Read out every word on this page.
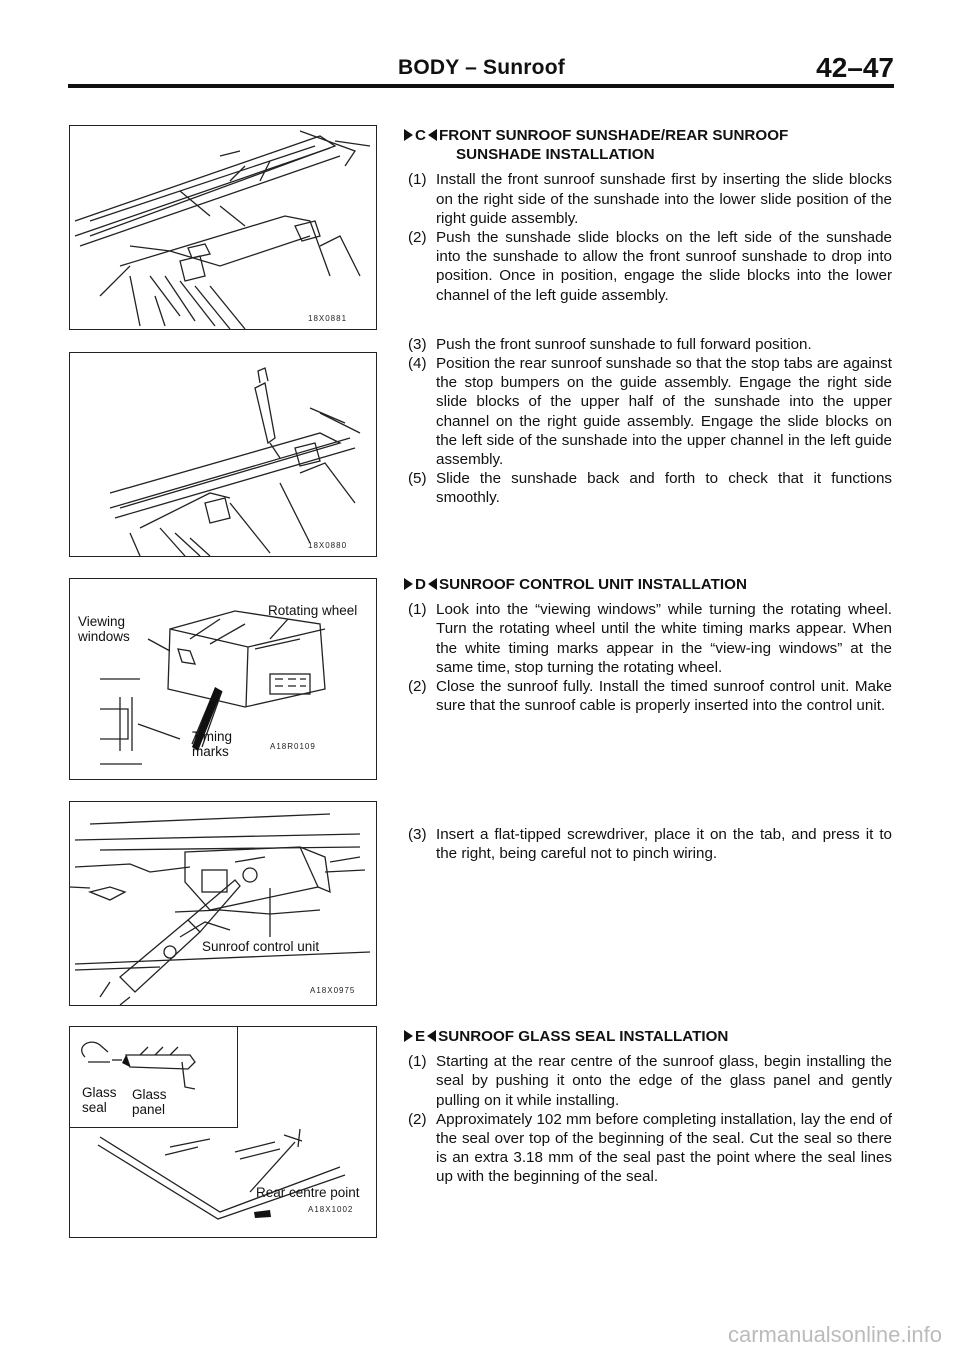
BODY – Sunroof	42–47
18X0881
18X0880
Viewing
windows
Rotating wheel
Timing
marks	A18R0109
Sunroof control unit
A18X0975
Glass
seal
Glass
panel
Rear centre point
A18X1002
C FRONT SUNROOF SUNSHADE/REAR SUNROOF
SUNSHADE INSTALLATION
(1) Install the front sunroof sunshade first by inserting the slide blocks on the right side of the sunshade into the lower slide position of the right guide assembly.
(2) Push the sunshade slide blocks on the left side of the sunshade into the sunshade to allow the front sunroof sunshade to drop into position. Once in position, engage the slide blocks into the lower channel of the left guide assembly.
(3) Push the front sunroof sunshade to full forward position.
(4) Position the rear sunroof sunshade so that the stop tabs are against the stop bumpers on the guide assembly. Engage the right side slide blocks of the upper half of the sunshade into the upper channel on the right guide assembly. Engage the slide blocks on the left side of the sunshade into the upper channel in the left guide assembly.
(5) Slide the sunshade back and forth to check that it functions smoothly.
D SUNROOF CONTROL UNIT INSTALLATION
(1) Look into the “viewing windows” while turning the rotating wheel. Turn the rotating wheel until the white timing marks appear. When the white timing marks appear in the “view-ing windows” at the same time, stop turning the rotating wheel.
(2) Close the sunroof fully. Install the timed sunroof control unit. Make sure that the sunroof cable is properly inserted into the control unit.
(3) Insert a flat-tipped screwdriver, place it on the tab, and press it to the right, being careful not to pinch wiring.
E SUNROOF GLASS SEAL INSTALLATION
(1) Starting at the rear centre of the sunroof glass, begin installing the seal by pushing it onto the edge of the glass panel and gently pulling on it while installing.
(2) Approximately 102 mm before completing installation, lay the end of the seal over top of the beginning of the seal. Cut the seal so there is an extra 3.18 mm of the seal past the point where the seal lines up with the beginning of the seal.
carmanualsonline.info
